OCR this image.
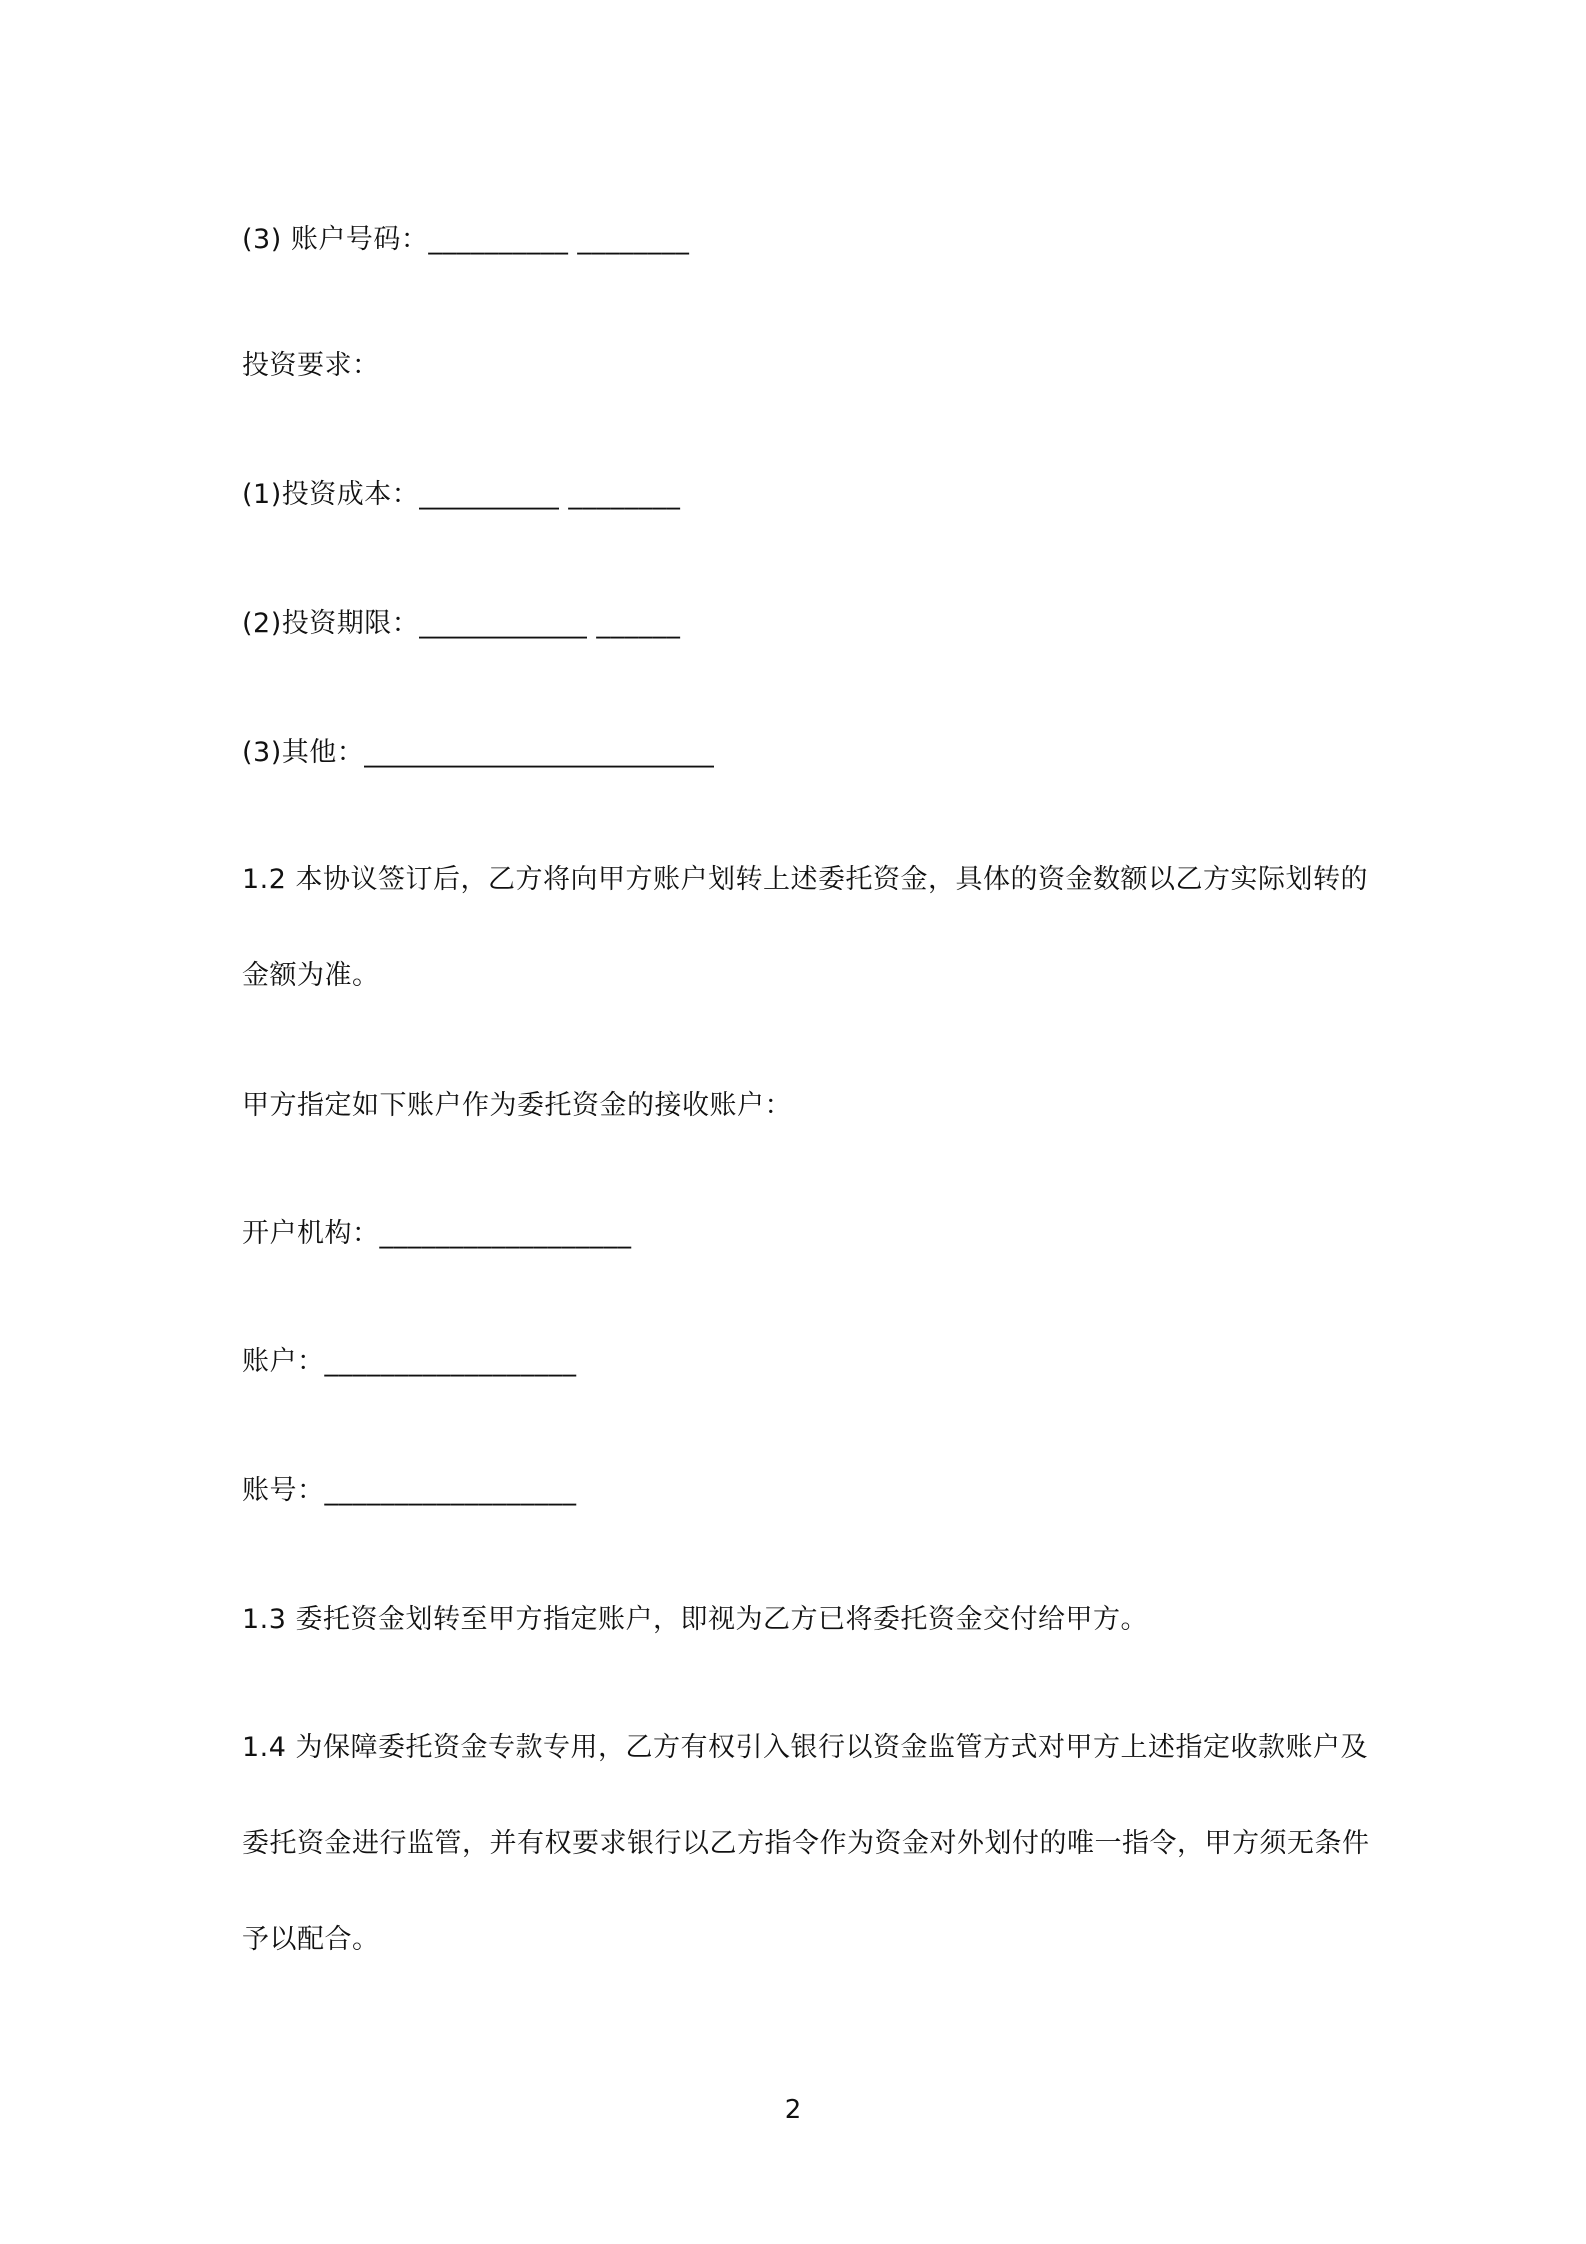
(3) 账户号码：__________ ________
投资要求：
(1)投资成本：__________ ________
(2)投资期限：____________ ______
(3)其他：_________________________
1.2 本协议签订后，乙方将向甲方账户划转上述委托资金，具体的资金数额以乙方实际划转的
金额为准。
甲方指定如下账户作为委托资金的接收账户：
开户机构：__________________
账户：__________________
账号：__________________
1.3 委托资金划转至甲方指定账户，即视为乙方已将委托资金交付给甲方。
1.4 为保障委托资金专款专用，乙方有权引入银行以资金监管方式对甲方上述指定收款账户及
委托资金进行监管，并有权要求银行以乙方指令作为资金对外划付的唯一指令，甲方须无条件
予以配合。
2
